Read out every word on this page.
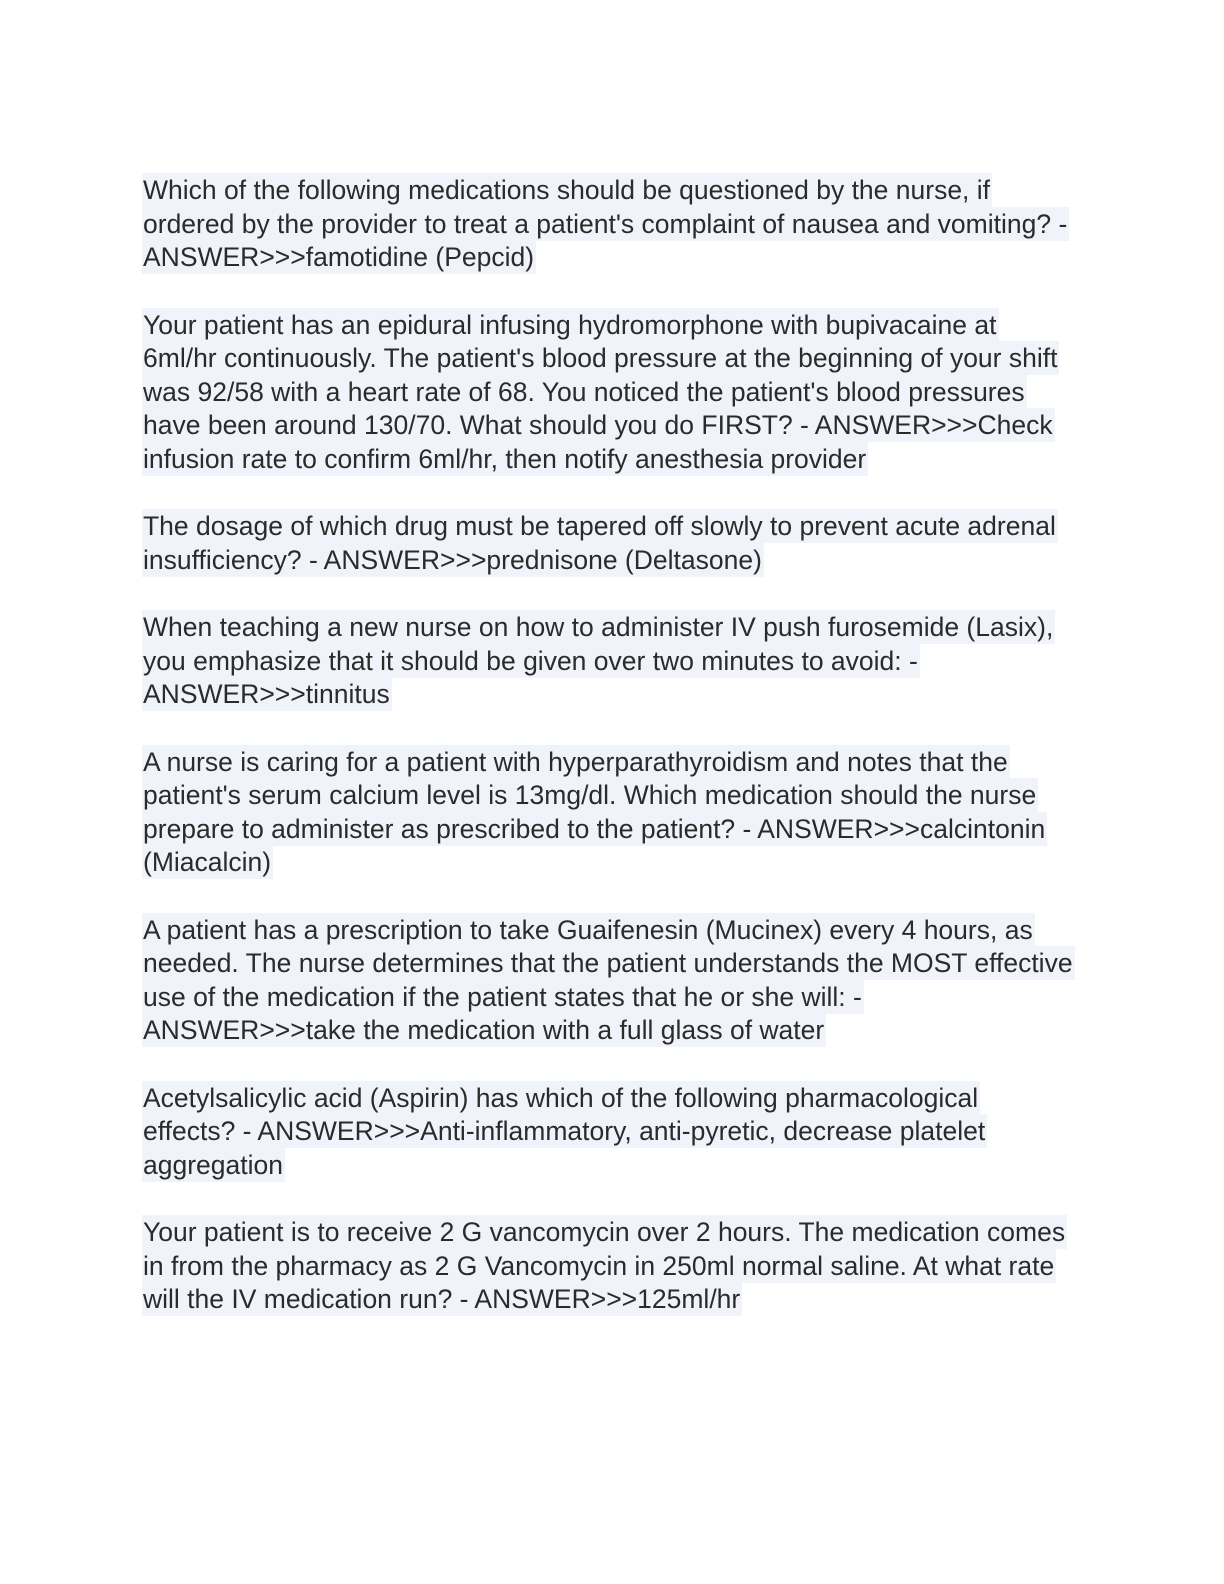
Which of the following medications should be questioned by the nurse, if ordered by the provider to treat a patient's complaint of nausea and vomiting? - ANSWER>>>famotidine (Pepcid)

Your patient has an epidural infusing hydromorphone with bupivacaine at 6ml/hr continuously. The patient's blood pressure at the beginning of your shift was 92/58 with a heart rate of 68. You noticed the patient's blood pressures have been around 130/70. What should you do FIRST? - ANSWER>>>Check infusion rate to confirm 6ml/hr, then notify anesthesia provider

The dosage of which drug must be tapered off slowly to prevent acute adrenal insufficiency? - ANSWER>>>prednisone (Deltasone)

When teaching a new nurse on how to administer IV push furosemide (Lasix), you emphasize that it should be given over two minutes to avoid: - ANSWER>>>tinnitus

A nurse is caring for a patient with hyperparathyroidism and notes that the patient's serum calcium level is 13mg/dl. Which medication should the nurse prepare to administer as prescribed to the patient? - ANSWER>>>calcintonin (Miacalcin)

A patient has a prescription to take Guaifenesin (Mucinex) every 4 hours, as needed. The nurse determines that the patient understands the MOST effective use of the medication if the patient states that he or she will: - ANSWER>>>take the medication with a full glass of water

Acetylsalicylic acid (Aspirin) has which of the following pharmacological effects? - ANSWER>>>Anti-inflammatory, anti-pyretic, decrease platelet aggregation

Your patient is to receive 2 G vancomycin over 2 hours. The medication comes in from the pharmacy as 2 G Vancomycin in 250ml normal saline. At what rate will the IV medication run? - ANSWER>>>125ml/hr
